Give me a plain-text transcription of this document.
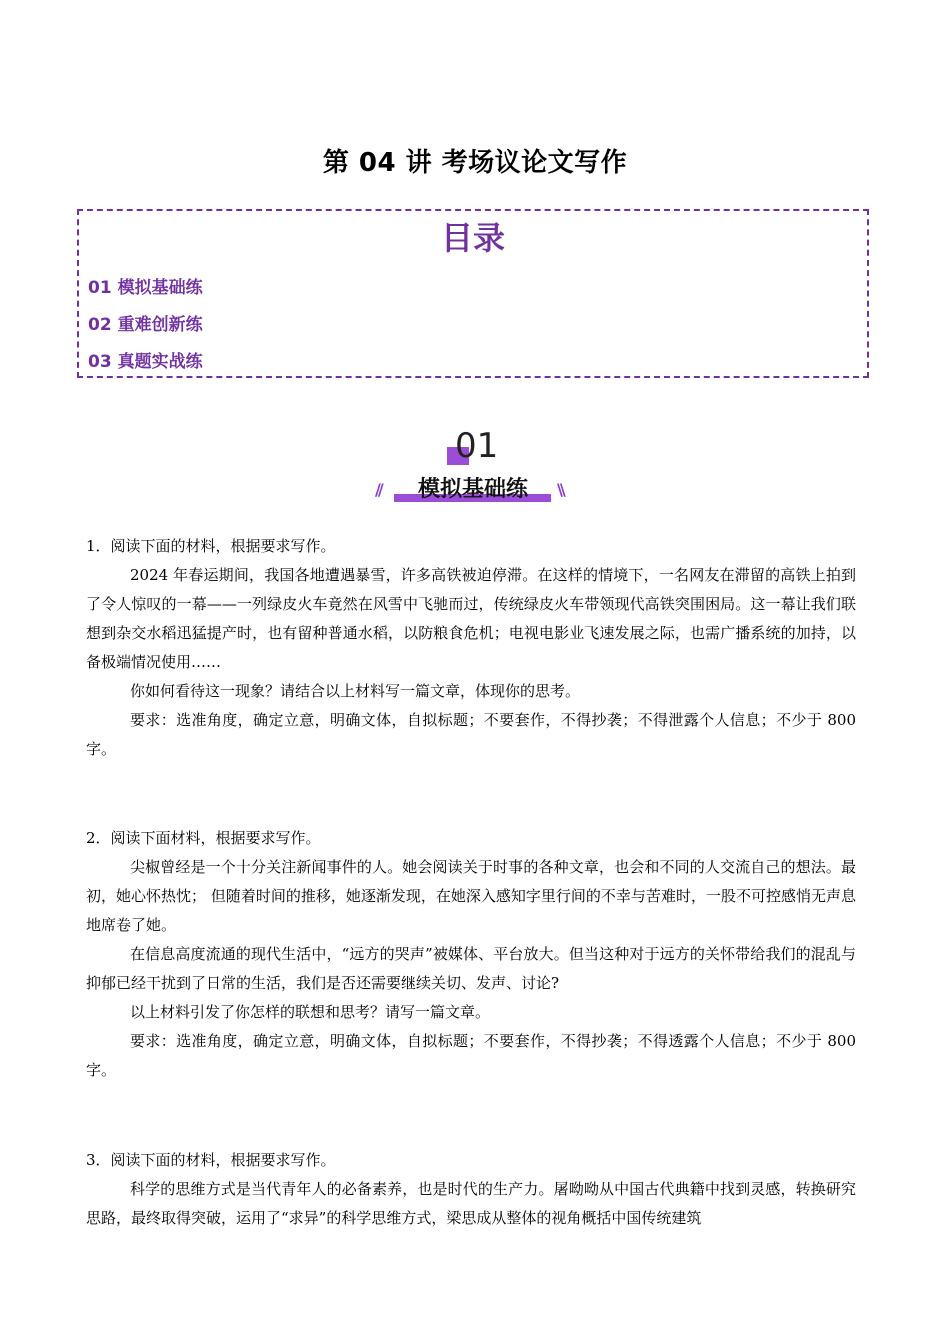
第 04 讲 考场议论文写作
目录
01 模拟基础练
02 重难创新练
03 真题实战练
01
模拟基础练
//	\\
1．阅读下面的材料，根据要求写作。

2024 年春运期间，我国各地遭遇暴雪，许多高铁被迫停滞。在这样的情境下，一名网友在滞留的高铁上拍到了令人惊叹的一幕——一列绿皮火车竟然在风雪中飞驰而过，传统绿皮火车带领现代高铁突围困局。这一幕让我们联想到杂交水稻迅猛提产时，也有留种普通水稻，以防粮食危机；电视电影业飞速发展之际，也需广播系统的加持，以备极端情况使用……

你如何看待这一现象？请结合以上材料写一篇文章，体现你的思考。

要求：选准角度，确定立意，明确文体，自拟标题；不要套作，不得抄袭；不得泄露个人信息；不少于 800 字。

2．阅读下面材料，根据要求写作。

尖椒曾经是一个十分关注新闻事件的人。她会阅读关于时事的各种文章，也会和不同的人交流自己的想法。最初，她心怀热忱； 但随着时间的推移，她逐渐发现，在她深入感知字里行间的不幸与苦难时，一股不可控感悄无声息地席卷了她。

在信息高度流通的现代生活中，“远方的哭声”被媒体、平台放大。但当这种对于远方的关怀带给我们的混乱与抑郁已经干扰到了日常的生活，我们是否还需要继续关切、发声、讨论?

以上材料引发了你怎样的联想和思考？请写一篇文章。

要求：选准角度，确定立意，明确文体，自拟标题；不要套作，不得抄袭；不得透露个人信息；不少于 800 字。

3．阅读下面的材料，根据要求写作。

科学的思维方式是当代青年人的必备素养，也是时代的生产力。屠呦呦从中国古代典籍中找到灵感，转换研究思路，最终取得突破，运用了“求异”的科学思维方式，梁思成从整体的视角概括中国传统建筑
